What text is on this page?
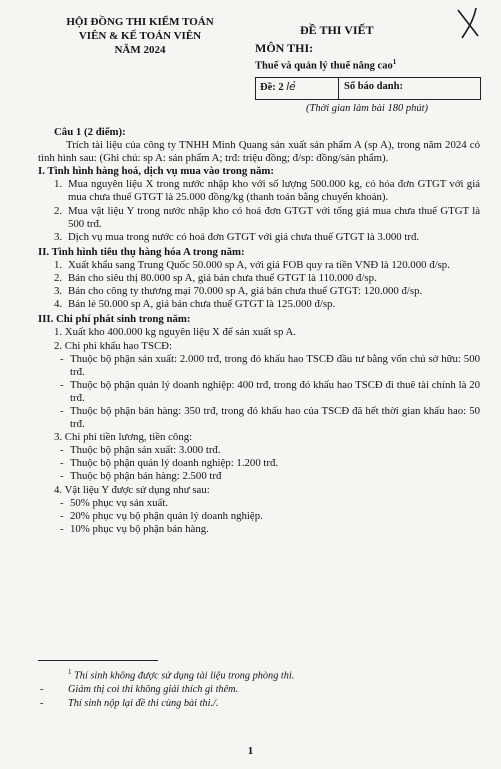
HỘI ĐỒNG THI KIỂM TOÁN
VIÊN & KẾ TOÁN VIÊN
NĂM 2024
ĐỀ THI VIẾT
MÔN THI:
Thuế và quản lý thuế nâng cao$^1$
Đề: 2 lẻ	Số báo danh:
(Thời gian làm bài 180 phút)

Câu 1 (2 điểm):

Trích tài liệu của công ty TNHH Minh Quang sản xuất sản phẩm A (sp A), trong năm 2024 có tình hình sau: (Ghi chú: sp A: sản phẩm A; trđ: triệu đồng; đ/sp: đồng/sản phẩm).

I. Tình hình hàng hoá, dịch vụ mua vào trong năm:

1. Mua nguyên liệu X trong nước nhập kho với số lượng 500.000 kg, có hóa đơn GTGT với giá mua chưa thuế GTGT là 25.000 đồng/kg (thanh toán bằng chuyển khoản).
2. Mua vật liệu Y trong nước nhập kho có hoá đơn GTGT với tổng giá mua chưa thuế GTGT là 500 trđ.
3. Dịch vụ mua trong nước có hoá đơn GTGT với giá chưa thuế GTGT là 3.000 trđ.

II. Tình hình tiêu thụ hàng hóa A trong năm:

1. Xuất khẩu sang Trung Quốc 50.000 sp A, với giá FOB quy ra tiền VNĐ là 120.000 đ/sp.
2. Bán cho siêu thị 80.000 sp A, giá bán chưa thuế GTGT là 110.000 đ/sp.
3. Bán cho công ty thương mại 70.000 sp A, giá bán chưa thuế GTGT: 120.000 đ/sp.
4. Bán lẻ 50.000 sp A, giá bán chưa thuế GTGT là 125.000 đ/sp.

III. Chi phí phát sinh trong năm:

1. Xuất kho 400.000 kg nguyên liệu X để sản xuất sp A.

2. Chi phí khấu hao TSCĐ:

- Thuộc bộ phận sản xuất: 2.000 trđ, trong đó khấu hao TSCĐ đầu tư bằng vốn chủ sở hữu: 500 trđ.
- Thuộc bộ phận quản lý doanh nghiệp: 400 trđ, trong đó khấu hao TSCĐ đi thuê tài chính là 20 trđ.
- Thuộc bộ phận bán hàng: 350 trđ, trong đó khấu hao của TSCĐ đã hết thời gian khấu hao: 50 trđ.

3. Chi phí tiền lương, tiền công:

- Thuộc bộ phận sản xuất: 3.000 trđ.
- Thuộc bộ phận quản lý doanh nghiệp: 1.200 trđ.
- Thuộc bộ phận bán hàng: 2.500 trđ

4. Vật liệu Y được sử dụng như sau:

- 50% phục vụ sản xuất.
- 20% phục vụ bộ phận quản lý doanh nghiệp.
- 10% phục vụ bộ phận bán hàng.
$^1$ Thí sinh không được sử dụng tài liệu trong phòng thi.
-	Giám thị coi thi không giải thích gì thêm.
-	Thí sinh nộp lại đề thi cùng bài thi./.
1
